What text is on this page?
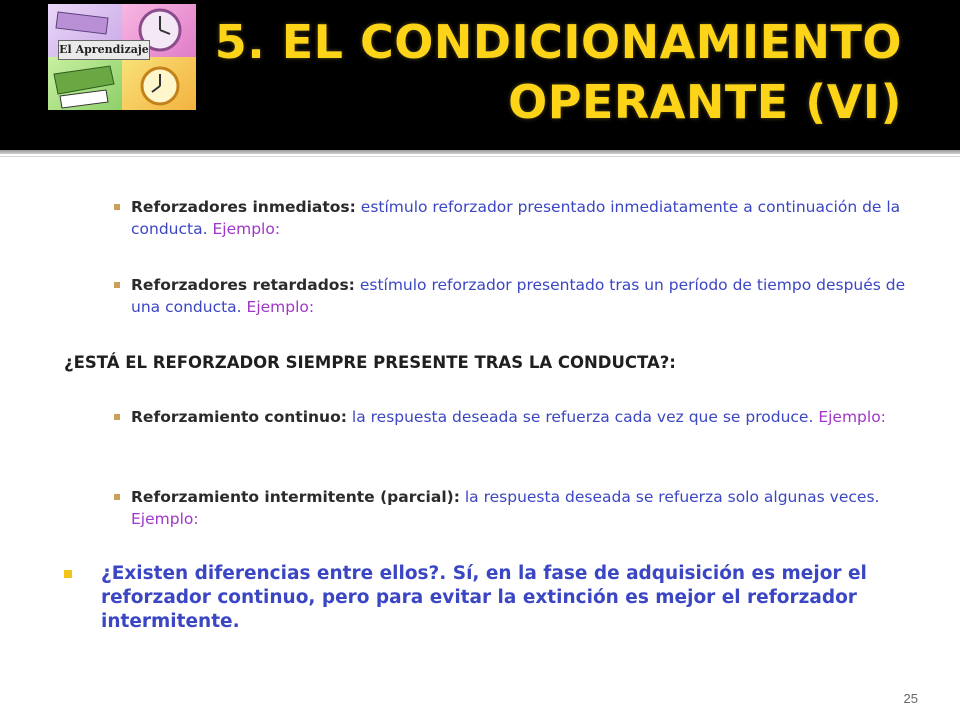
El Aprendizaje 5. EL CONDICIONAMIENTO
OPERANTE (VI)
Reforzadores inmediatos: estímulo reforzador presentado inmediatamente a continuación de la conducta. Ejemplo:
Reforzadores retardados: estímulo reforzador presentado tras un período de tiempo después de una conducta. Ejemplo:
¿ESTÁ EL REFORZADOR SIEMPRE PRESENTE TRAS LA CONDUCTA?:
Reforzamiento continuo: la respuesta deseada se refuerza cada vez que se produce. Ejemplo:
Reforzamiento intermitente (parcial): la respuesta deseada se refuerza solo algunas veces. Ejemplo:
¿Existen diferencias entre ellos?. Sí, en la fase de adquisición es mejor el reforzador continuo, pero para evitar la extinción es mejor el reforzador intermitente.
25
